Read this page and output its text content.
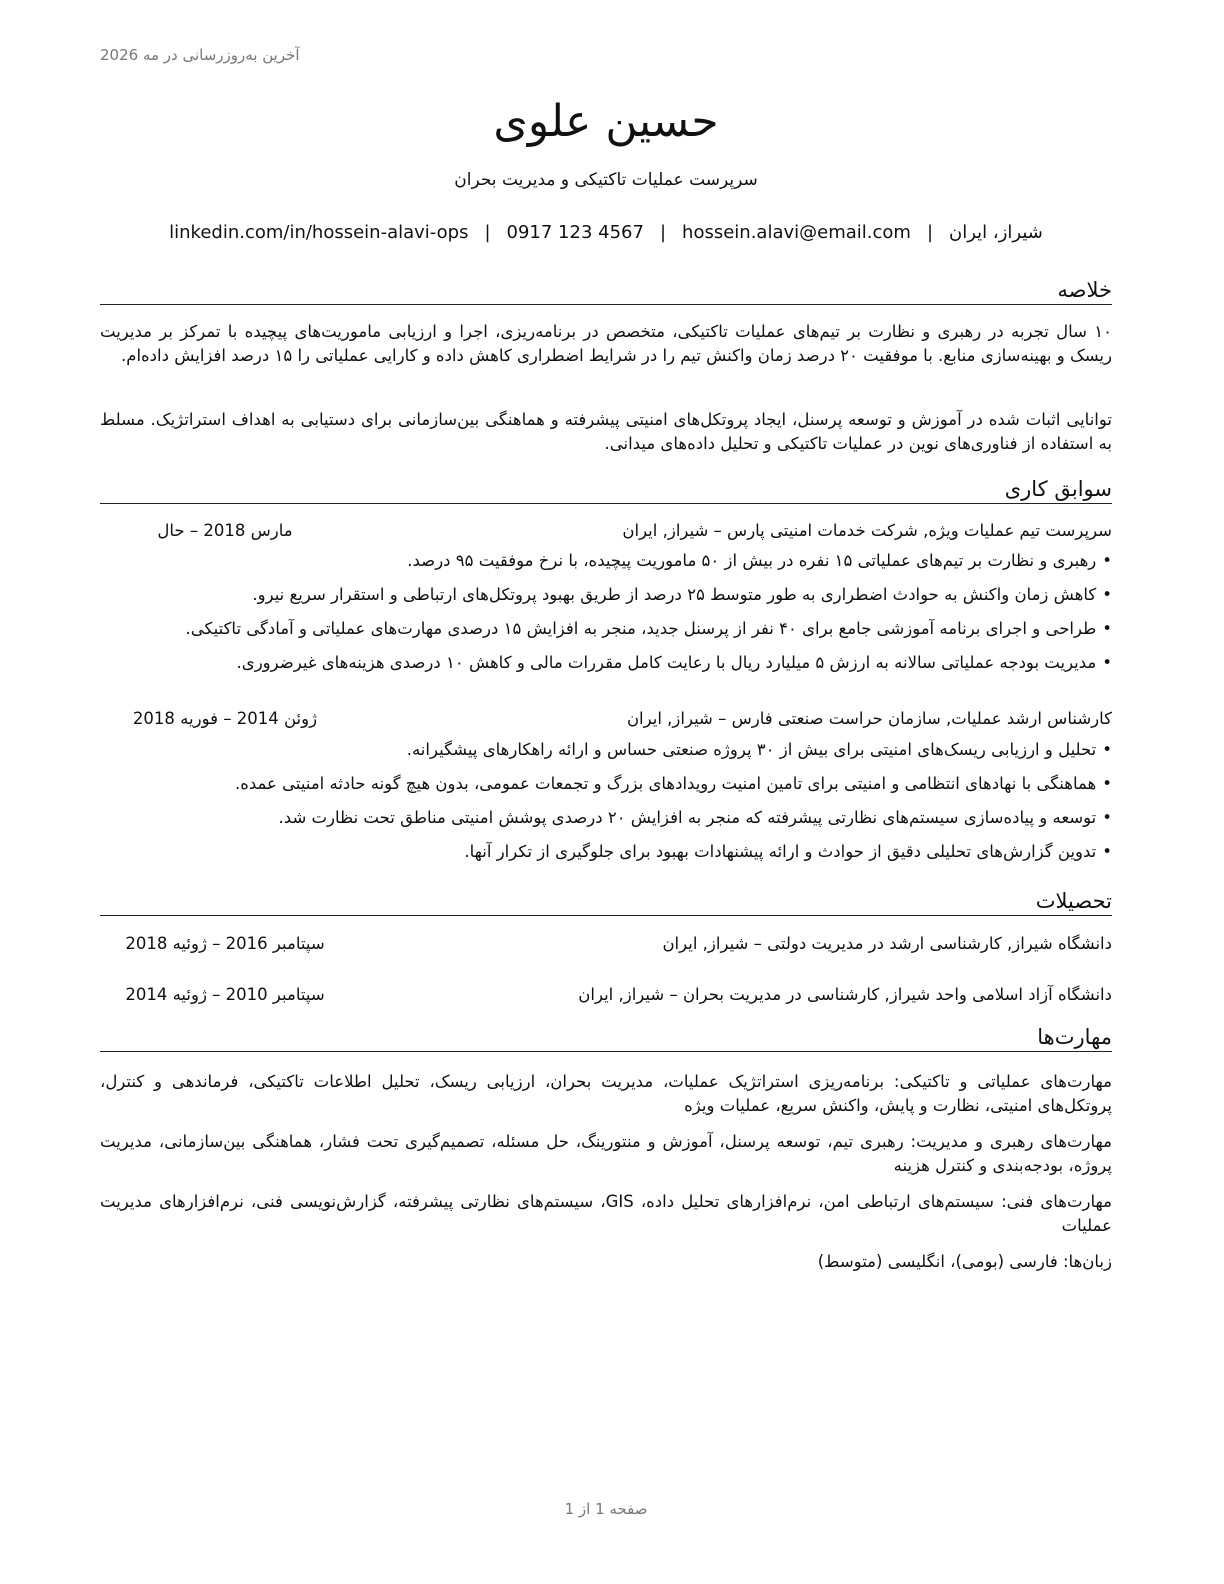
آخرین به‌روزرسانی در مه 2026
حسین علوی
سرپرست عملیات تاکتیکی و مدیریت بحران
شیراز، ایران|hossein.alavi@email.com|0917 123 4567|linkedin.com/in/hossein-alavi-ops
خلاصه
۱۰ سال تجربه در رهبری و نظارت بر تیم‌های عملیات تاکتیکی، متخصص در برنامه‌ریزی، اجرا و ارزیابی ماموریت‌های پیچیده با تمرکز بر مدیریت ریسک و بهینه‌سازی منابع. با موفقیت ۲۰ درصد زمان واکنش تیم را در شرایط اضطراری کاهش داده و کارایی عملیاتی را ۱۵ درصد افزایش داده‌ام.
توانایی اثبات شده در آموزش و توسعه پرسنل، ایجاد پروتکل‌های امنیتی پیشرفته و هماهنگی بین‌سازمانی برای دستیابی به اهداف استراتژیک. مسلط به استفاده از فناوری‌های نوین در عملیات تاکتیکی و تحلیل داده‌های میدانی.
سوابق کاری
سرپرست تیم عملیات ویژه, شرکت خدمات امنیتی پارس – شیراز, ایران
مارس 2018 – حال
•رهبری و نظارت بر تیم‌های عملیاتی ۱۵ نفره در بیش از ۵۰ ماموریت پیچیده، با نرخ موفقیت ۹۵ درصد.
•کاهش زمان واکنش به حوادث اضطراری به طور متوسط ۲۵ درصد از طریق بهبود پروتکل‌های ارتباطی و استقرار سریع نیرو.
•طراحی و اجرای برنامه آموزشی جامع برای ۴۰ نفر از پرسنل جدید، منجر به افزایش ۱۵ درصدی مهارت‌های عملیاتی و آمادگی تاکتیکی.
•مدیریت بودجه عملیاتی سالانه به ارزش ۵ میلیارد ریال با رعایت کامل مقررات مالی و کاهش ۱۰ درصدی هزینه‌های غیرضروری.
کارشناس ارشد عملیات, سازمان حراست صنعتی فارس – شیراز, ایران
ژوئن 2014 – فوریه 2018
•تحلیل و ارزیابی ریسک‌های امنیتی برای بیش از ۳۰ پروژه صنعتی حساس و ارائه راهکارهای پیشگیرانه.
•هماهنگی با نهادهای انتظامی و امنیتی برای تامین امنیت رویدادهای بزرگ و تجمعات عمومی، بدون هیچ گونه حادثه امنیتی عمده.
•توسعه و پیاده‌سازی سیستم‌های نظارتی پیشرفته که منجر به افزایش ۲۰ درصدی پوشش امنیتی مناطق تحت نظارت شد.
•تدوین گزارش‌های تحلیلی دقیق از حوادث و ارائه پیشنهادات بهبود برای جلوگیری از تکرار آنها.
تحصیلات
دانشگاه شیراز, کارشناسی ارشد در مدیریت دولتی – شیراز, ایران
سپتامبر 2016 – ژوئیه 2018
دانشگاه آزاد اسلامی واحد شیراز, کارشناسی در مدیریت بحران – شیراز, ایران
سپتامبر 2010 – ژوئیه 2014
مهارت‌ها
مهارت‌های عملیاتی و تاکتیکی: برنامه‌ریزی استراتژیک عملیات، مدیریت بحران، ارزیابی ریسک، تحلیل اطلاعات تاکتیکی، فرماندهی و کنترل، پروتکل‌های امنیتی، نظارت و پایش، واکنش سریع، عملیات ویژه
مهارت‌های رهبری و مدیریت: رهبری تیم، توسعه پرسنل، آموزش و منتورینگ، حل مسئله، تصمیم‌گیری تحت فشار، هماهنگی بین‌سازمانی، مدیریت پروژه، بودجه‌بندی و کنترل هزینه
مهارت‌های فنی: سیستم‌های ارتباطی امن، نرم‌افزارهای تحلیل داده، GIS، سیستم‌های نظارتی پیشرفته، گزارش‌نویسی فنی، نرم‌افزارهای مدیریت عملیات
زبان‌ها: فارسی (بومی)، انگلیسی (متوسط)
صفحه 1 از 1
